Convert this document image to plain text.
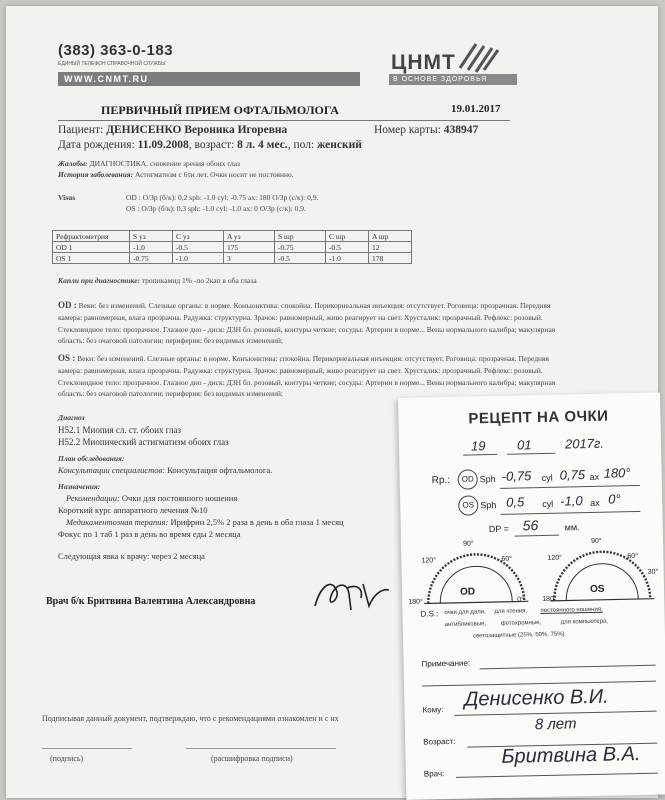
(383) 363-0-183
ЕДИНЫЙ ТЕЛЕФОН СПРАВОЧНОЙ СЛУЖБЫ
WWW.CNMT.RU
ЦНМТ
В ОСНОВЕ ЗДОРОВЬЯ
ПЕРВИЧНЫЙ ПРИЕМ ОФТАЛЬМОЛОГА	19.01.2017
Пациент: ДЕНИСЕНКО Вероника Игоревна	Номер карты: 438947
Дата рождения: 11.09.2008, возраст: 8 л. 4 мес., пол: женский
Жалобы: ДИАГНОСТИКА. снижение зрения обоих глаз
История заболевания: Астигматизм с 6ти лет. Очки носит не постоянно.
Visus	OD : О/Зр (б/к): 0,2 sph: -1.0 cyl: -0.75 ax: 180 О/Зр (с/к): 0,9.
OS : О/Зр (б/к): 0,3 sph: -1.0 cyl: -1.0 ax: 0 О/Зр (с/к): 0,9.
Рефрактометрия	S уз	C уз	A уз	S шр	C шр	A шр
OD 1	-1.0	-0.5	175	-0.75	-0.5	12
OS 1	-0.75	-1.0	3	-0.5	-1.0	178
Капли при диагностике: тропикамид 1% -по 2кап в оба глаза
OD : Веки: без изменений. Слезные органы: в норме. Конъюнктива: спокойна. Перикорнеальная инъекция: отсутствует. Роговица: прозрачная. Передняя камера: равномерная, влага прозрачна. Радужка: структурна. Зрачок: равномерный, живо реагирует на свет. Хрусталик: прозрачный. Рефлекс: розовый. Стекловидное тело: прозрачное. Глазное дно - диск: ДЗН бл. розовый, контуры четкие; сосуды: Артерии в норме... Вены нормального калибра; макулярная область: без очаговой патологии; периферия: без видимых изменений;
OS : Веки: без изменений. Слезные органы: в норме. Конъюнктива: спокойна. Перикорнеальная инъекция: отсутствует. Роговица: прозрачная. Передняя камера: равномерная, влага прозрачна. Радужка: структурна. Зрачок: равномерный, живо реагирует на свет. Хрусталик: прозрачный. Рефлекс: розовый. Стекловидное тело: прозрачное. Глазное дно - диск: ДЗН бл. розовый, контуры четкие; сосуды: Артерии в норме... Вены нормального калибра; макулярная область: без очаговой патологии; периферия: без видимых изменений;
Диагноз
Н52.1 Миопия сл. ст. обоих глаз
Н52.2 Миопический астигматизм обоих глаз
План обследования:
Консультации специалистов: Консультация офтальмолога.
Назначения:
Рекомендации: Очки для постоянного ношения
Короткий курс аппаратного лечения №10
Медикаментозная терапия: Ирифрин 2,5% 2 раза в день в оба глаза 1 месяц
Фокус по 1 таб 1 раз в день во время еды 2 месяца
Следующая явка к врачу: через 2 месяца
Врач б/к Бритвина Валентина Александровна
Подписывая данный документ, подтверждаю, что с рекомендациями ознакомлен и с их
(подпись)	(расшифровка подписи)
РЕЦЕПТ НА ОЧКИ
19 01	2017г.
Rp.:	OD Sph -0,75 cyl 0,75 ax 180°
OS Sph 0,5 cyl -1,0 ax 0°
DP = 56	мм.
OD
180°
120°
90°
60°
0°
OS
180°
120°
90°
60°
30°
D.S.: очки для дали, для чтения, постоянного ношения,
антибликовые, фотохромные,	для компьютера,
светозащитные (25%, 50%, 75%)
Примечание:
Кому: Денисенко В.И.
Возраст:
8 лет
Врач:
Бритвина В.А.
